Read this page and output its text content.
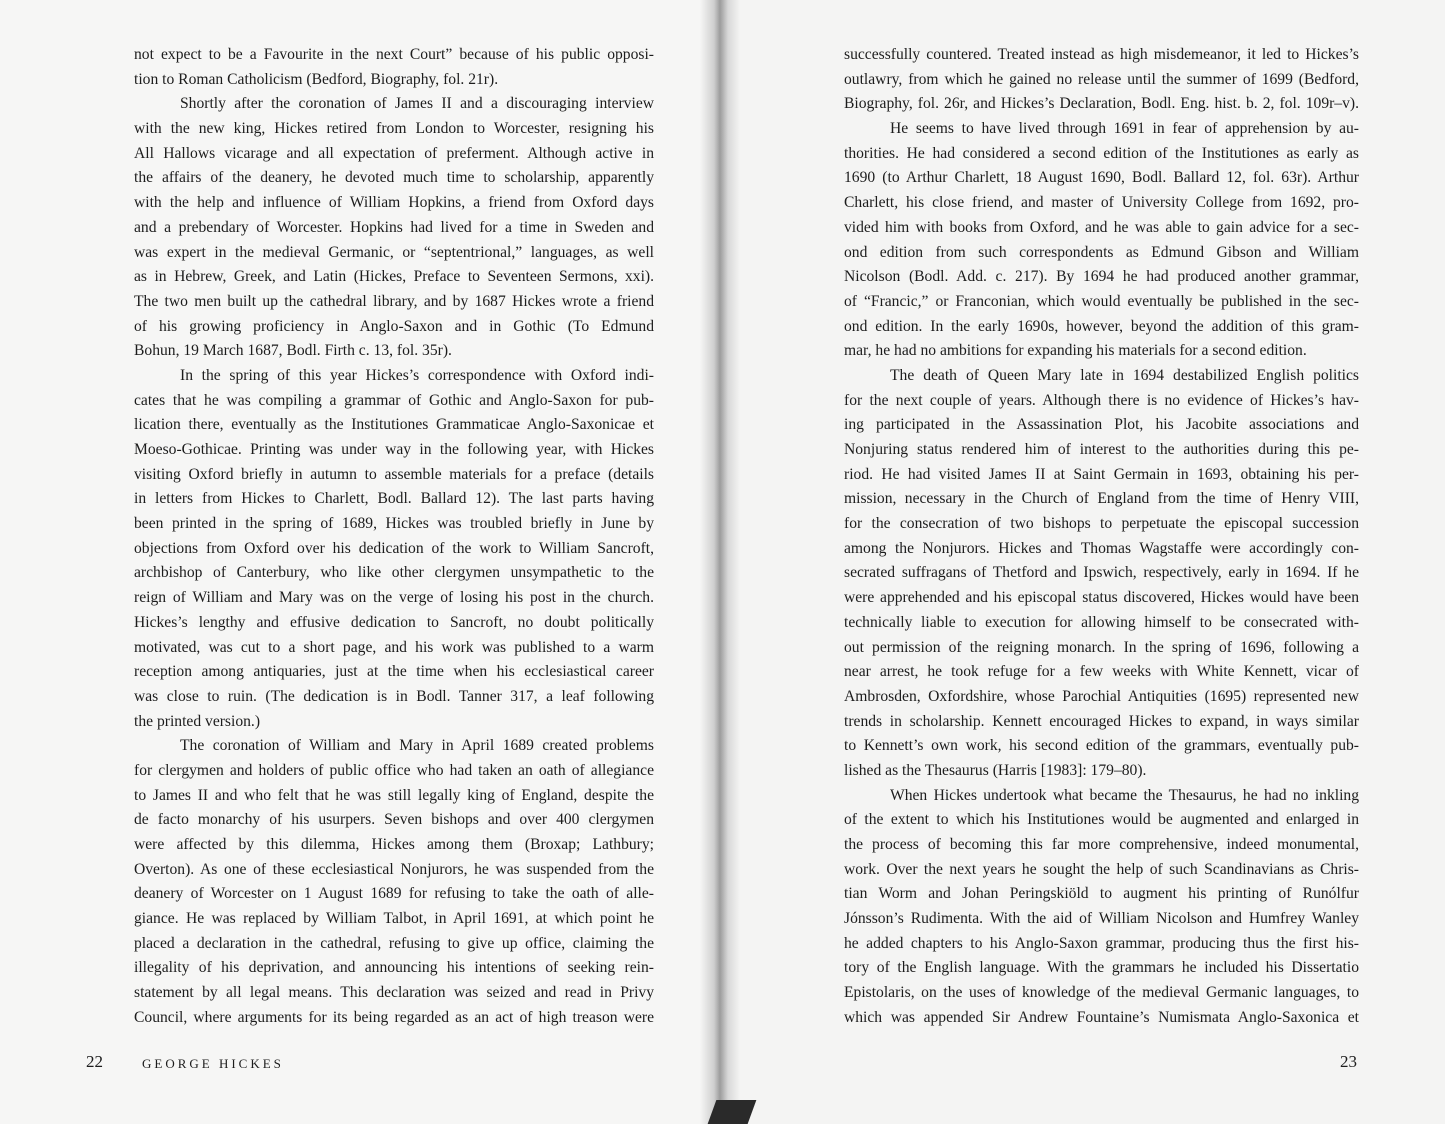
not expect to be a Favourite in the next Court” because of his public opposi-
tion to Roman Catholicism (Bedford, Biography, fol. 21r).
Shortly after the coronation of James II and a discouraging interview
with the new king, Hickes retired from London to Worcester, resigning his
All Hallows vicarage and all expectation of preferment. Although active in
the affairs of the deanery, he devoted much time to scholarship, apparently
with the help and influence of William Hopkins, a friend from Oxford days
and a prebendary of Worcester. Hopkins had lived for a time in Sweden and
was expert in the medieval Germanic, or “septentrional,” languages, as well
as in Hebrew, Greek, and Latin (Hickes, Preface to Seventeen Sermons, xxi).
The two men built up the cathedral library, and by 1687 Hickes wrote a friend
of his growing proficiency in Anglo-Saxon and in Gothic (To Edmund
Bohun, 19 March 1687, Bodl. Firth c. 13, fol. 35r).
In the spring of this year Hickes’s correspondence with Oxford indi-
cates that he was compiling a grammar of Gothic and Anglo-Saxon for pub-
lication there, eventually as the Institutiones Grammaticae Anglo-Saxonicae et
Moeso-Gothicae. Printing was under way in the following year, with Hickes
visiting Oxford briefly in autumn to assemble materials for a preface (details
in letters from Hickes to Charlett, Bodl. Ballard 12). The last parts having
been printed in the spring of 1689, Hickes was troubled briefly in June by
objections from Oxford over his dedication of the work to William Sancroft,
archbishop of Canterbury, who like other clergymen unsympathetic to the
reign of William and Mary was on the verge of losing his post in the church.
Hickes’s lengthy and effusive dedication to Sancroft, no doubt politically
motivated, was cut to a short page, and his work was published to a warm
reception among antiquaries, just at the time when his ecclesiastical career
was close to ruin. (The dedication is in Bodl. Tanner 317, a leaf following
the printed version.)
The coronation of William and Mary in April 1689 created problems
for clergymen and holders of public office who had taken an oath of allegiance
to James II and who felt that he was still legally king of England, despite the
de facto monarchy of his usurpers. Seven bishops and over 400 clergymen
were affected by this dilemma, Hickes among them (Broxap; Lathbury;
Overton). As one of these ecclesiastical Nonjurors, he was suspended from the
deanery of Worcester on 1 August 1689 for refusing to take the oath of alle-
giance. He was replaced by William Talbot, in April 1691, at which point he
placed a declaration in the cathedral, refusing to give up office, claiming the
illegality of his deprivation, and announcing his intentions of seeking rein-
statement by all legal means. This declaration was seized and read in Privy
Council, where arguments for its being regarded as an act of high treason were
successfully countered. Treated instead as high misdemeanor, it led to Hickes’s
outlawry, from which he gained no release until the summer of 1699 (Bedford,
Biography, fol. 26r, and Hickes’s Declaration, Bodl. Eng. hist. b. 2, fol. 109r–v).
He seems to have lived through 1691 in fear of apprehension by au-
thorities. He had considered a second edition of the Institutiones as early as
1690 (to Arthur Charlett, 18 August 1690, Bodl. Ballard 12, fol. 63r). Arthur
Charlett, his close friend, and master of University College from 1692, pro-
vided him with books from Oxford, and he was able to gain advice for a sec-
ond edition from such correspondents as Edmund Gibson and William
Nicolson (Bodl. Add. c. 217). By 1694 he had produced another grammar,
of “Francic,” or Franconian, which would eventually be published in the sec-
ond edition. In the early 1690s, however, beyond the addition of this gram-
mar, he had no ambitions for expanding his materials for a second edition.
The death of Queen Mary late in 1694 destabilized English politics
for the next couple of years. Although there is no evidence of Hickes’s hav-
ing participated in the Assassination Plot, his Jacobite associations and
Nonjuring status rendered him of interest to the authorities during this pe-
riod. He had visited James II at Saint Germain in 1693, obtaining his per-
mission, necessary in the Church of England from the time of Henry VIII,
for the consecration of two bishops to perpetuate the episcopal succession
among the Nonjurors. Hickes and Thomas Wagstaffe were accordingly con-
secrated suffragans of Thetford and Ipswich, respectively, early in 1694. If he
were apprehended and his episcopal status discovered, Hickes would have been
technically liable to execution for allowing himself to be consecrated with-
out permission of the reigning monarch. In the spring of 1696, following a
near arrest, he took refuge for a few weeks with White Kennett, vicar of
Ambrosden, Oxfordshire, whose Parochial Antiquities (1695) represented new
trends in scholarship. Kennett encouraged Hickes to expand, in ways similar
to Kennett’s own work, his second edition of the grammars, eventually pub-
lished as the Thesaurus (Harris [1983]: 179–80).
When Hickes undertook what became the Thesaurus, he had no inkling
of the extent to which his Institutiones would be augmented and enlarged in
the process of becoming this far more comprehensive, indeed monumental,
work. Over the next years he sought the help of such Scandinavians as Chris-
tian Worm and Johan Peringskiöld to augment his printing of Runólfur
Jónsson’s Rudimenta. With the aid of William Nicolson and Humfrey Wanley
he added chapters to his Anglo-Saxon grammar, producing thus the first his-
tory of the English language. With the grammars he included his Dissertatio
Epistolaris, on the uses of knowledge of the medieval Germanic languages, to
which was appended Sir Andrew Fountaine’s Numismata Anglo-Saxonica et
22	GEORGE HICKES	23
